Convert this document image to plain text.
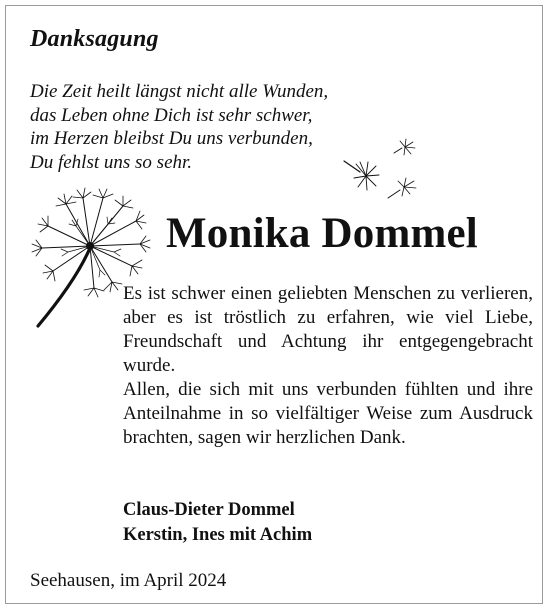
Danksagung
Die Zeit heilt längst nicht alle Wunden,
das Leben ohne Dich ist sehr schwer,
im Herzen bleibst Du uns verbunden,
Du fehlst uns so sehr.
Monika Dommel

Es ist schwer einen geliebten Menschen zu verlieren, aber es ist tröstlich zu erfahren, wie viel Liebe, Freundschaft und Achtung ihr entgegengebracht wurde.

Allen, die sich mit uns verbunden fühlten und ihre Anteilnahme in so vielfältiger Weise zum Ausdruck brachten, sagen wir herzlichen Dank.

Claus-Dieter Dommel
Kerstin, Ines mit Achim

Seehausen, im April 2024
